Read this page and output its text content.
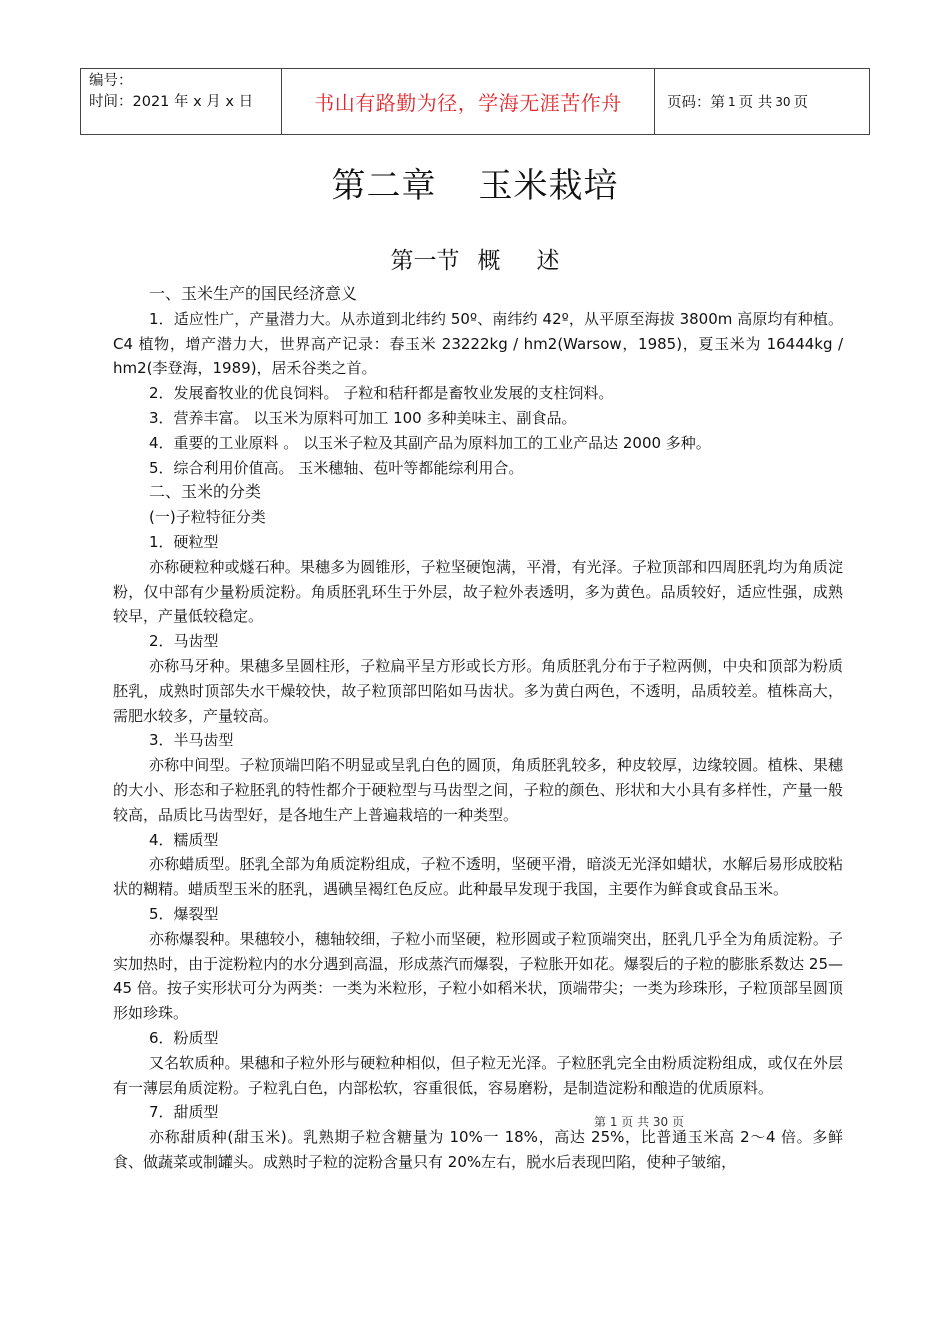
编号：
时间：2021 年 x 月 x 日	书山有路勤为径，学海无涯苦作舟	页码：第 1 页 共 30 页
第二章 玉米栽培
第一节 概 述

一、玉米生产的国民经济意义

1．适应性广，产量潜力大。从赤道到北纬约 50º、南纬约 42º，从平原至海拔 3800m 高原均有种植。C4 植物，增产潜力大，世界高产记录：春玉米 23222kg / hm2(Warsow，1985)，夏玉米为 16444kg / hm2(李登海，1989)，居禾谷类之首。

2．发展畜牧业的优良饲料。 子粒和秸秆都是畜牧业发展的支柱饲料。

3．营养丰富。 以玉米为原料可加工 100 多种美味主、副食品。

4．重要的工业原料 。 以玉米子粒及其副产品为原料加工的工业产品达 2000 多种。

5．综合利用价值高。 玉米穗轴、苞叶等都能综利用合。

二、玉米的分类

(一)子粒特征分类

1．硬粒型

亦称硬粒种或燧石种。果穗多为圆锥形，子粒坚硬饱满，平滑，有光泽。子粒顶部和四周胚乳均为角质淀粉，仅中部有少量粉质淀粉。角质胚乳环生于外层，故子粒外表透明，多为黄色。品质较好，适应性强，成熟较早，产量低较稳定。

2．马齿型

亦称马牙种。果穗多呈圆柱形，子粒扁平呈方形或长方形。角质胚乳分布于子粒两侧，中央和顶部为粉质胚乳，成熟时顶部失水干燥较快，故子粒顶部凹陷如马齿状。多为黄白两色，不透明，品质较差。植株高大，需肥水较多，产量较高。

3．半马齿型

亦称中间型。子粒顶端凹陷不明显或呈乳白色的圆顶，角质胚乳较多，种皮较厚，边缘较圆。植株、果穗的大小、形态和子粒胚乳的特性都介于硬粒型与马齿型之间，子粒的颜色、形状和大小具有多样性，产量一般较高，品质比马齿型好，是各地生产上普遍栽培的一种类型。

4．糯质型

亦称蜡质型。胚乳全部为角质淀粉组成，子粒不透明，坚硬平滑，暗淡无光泽如蜡状，水解后易形成胶粘状的糊精。蜡质型玉米的胚乳，遇碘呈褐红色反应。此种最早发现于我国，主要作为鲜食或食品玉米。

5．爆裂型

亦称爆裂种。果穗较小，穗轴较细，子粒小而坚硬，粒形圆或子粒顶端突出，胚乳几乎全为角质淀粉。子实加热时，由于淀粉粒内的水分遇到高温，形成蒸汽而爆裂，子粒胀开如花。爆裂后的子粒的膨胀系数达 25—45 倍。按子实形状可分为两类：一类为米粒形，子粒小如稻米状，顶端带尖；一类为珍珠形，子粒顶部呈圆顶形如珍珠。

6．粉质型

又名软质种。果穗和子粒外形与硬粒种相似，但子粒无光泽。子粒胚乳完全由粉质淀粉组成，或仅在外层有一薄层角质淀粉。子粒乳白色，内部松软，容重很低，容易磨粉，是制造淀粉和酿造的优质原料。

7．甜质型

亦称甜质种(甜玉米)。乳熟期子粒含糖量为 10%一 18%，高达 25%，比普通玉米高 2～4 倍。多鲜食、做蔬菜或制罐头。成熟时子粒的淀粉含量只有 20%左右，脱水后表现凹陷，使种子皱缩，

第 1 页 共 30 页
